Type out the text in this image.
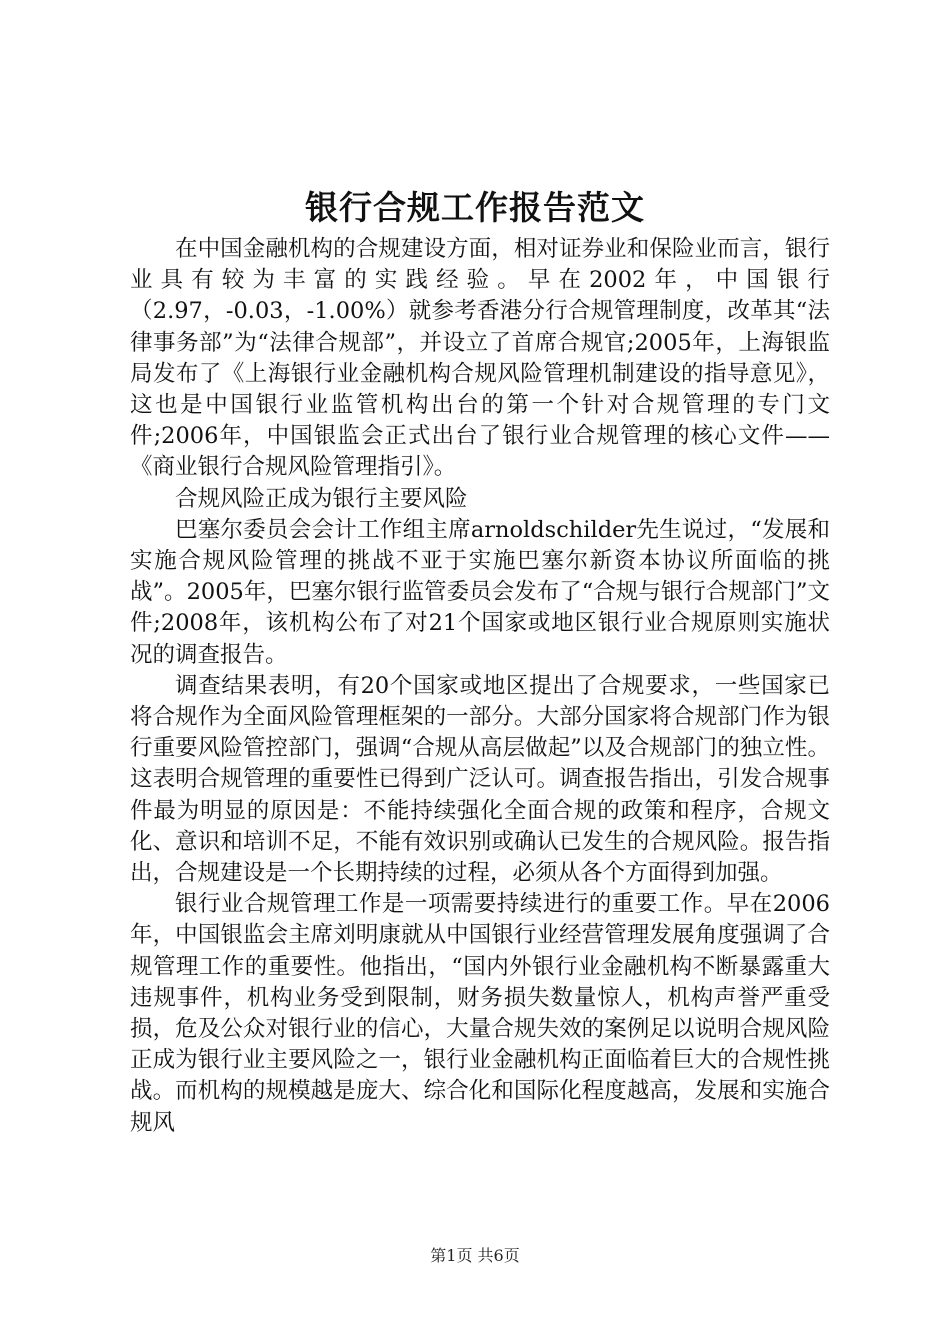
银行合规工作报告范文

在中国金融机构的合规建设方面，相对证券业和保险业而言，银行业具有较为丰富的实践经验。早在2002年，中国银行（2.97，-0.03，-1.00%）就参考香港分行合规管理制度，改革其“法律事务部”为“法律合规部”，并设立了首席合规官;2005年，上海银监局发布了《上海银行业金融机构合规风险管理机制建设的指导意见》，这也是中国银行业监管机构出台的第一个针对合规管理的专门文件;2006年，中国银监会正式出台了银行业合规管理的核心文件——《商业银行合规风险管理指引》。

合规风险正成为银行主要风险

巴塞尔委员会会计工作组主席arnoldschilder先生说过，“发展和实施合规风险管理的挑战不亚于实施巴塞尔新资本协议所面临的挑战”。2005年，巴塞尔银行监管委员会发布了“合规与银行合规部门”文件;2008年，该机构公布了对21个国家或地区银行业合规原则实施状况的调查报告。

调查结果表明，有20个国家或地区提出了合规要求，一些国家已将合规作为全面风险管理框架的一部分。大部分国家将合规部门作为银行重要风险管控部门，强调“合规从高层做起”以及合规部门的独立性。这表明合规管理的重要性已得到广泛认可。调查报告指出，引发合规事件最为明显的原因是：不能持续强化全面合规的政策和程序，合规文化、意识和培训不足，不能有效识别或确认已发生的合规风险。报告指出，合规建设是一个长期持续的过程，必须从各个方面得到加强。

银行业合规管理工作是一项需要持续进行的重要工作。早在2006年，中国银监会主席刘明康就从中国银行业经营管理发展角度强调了合规管理工作的重要性。他指出，“国内外银行业金融机构不断暴露重大违规事件，机构业务受到限制，财务损失数量惊人，机构声誉严重受损，危及公众对银行业的信心，大量合规失效的案例足以说明合规风险正成为银行业主要风险之一，银行业金融机构正面临着巨大的合规性挑战。而机构的规模越是庞大、综合化和国际化程度越高，发展和实施合规风

第1页 共6页
